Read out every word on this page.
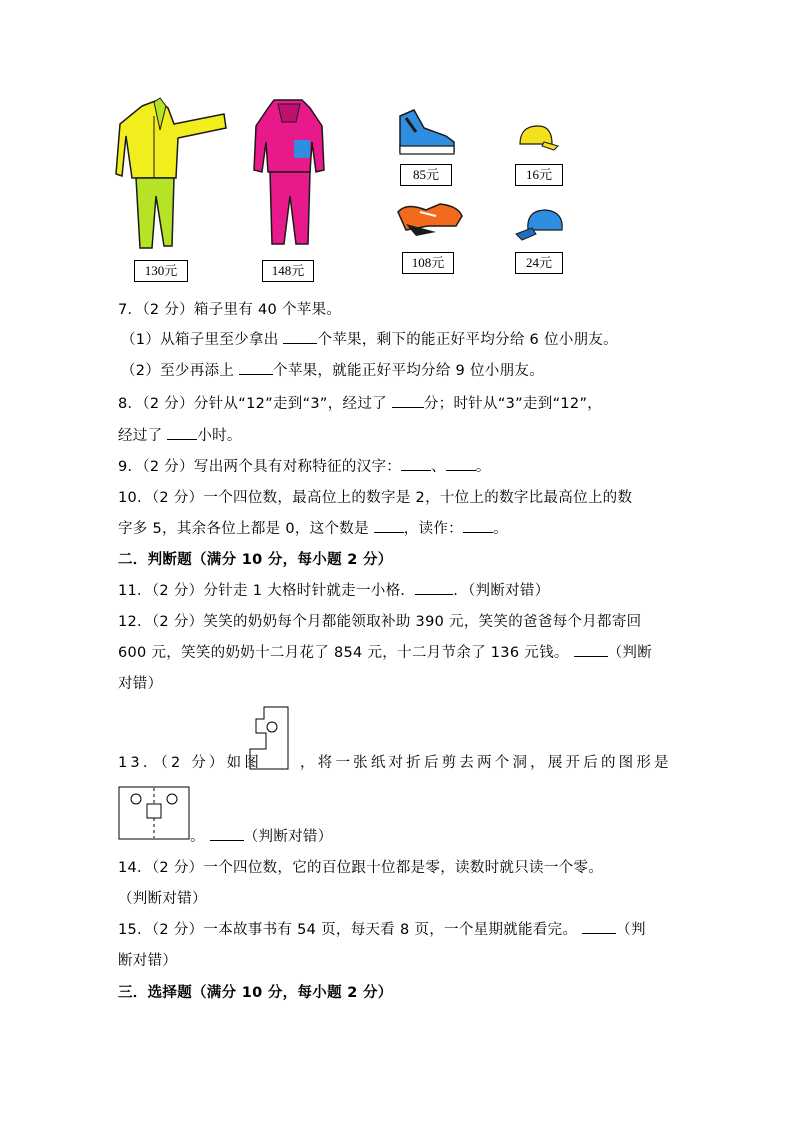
130元	148元
85元	16元
108元	24元
7．（2 分）箱子里有 40 个苹果。
（1）从箱子里至少拿出 个苹果，剩下的能正好平均分给 6 位小朋友。
（2）至少再添上 个苹果，就能正好平均分给 9 位小朋友。
8．（2 分）分针从“12”走到“3”，经过了 分；时针从“3”走到“12”，
经过了 小时。
9．（2 分）写出两个具有对称特征的汉字： 、 。
10．（2 分）一个四位数，最高位上的数字是 2，十位上的数字比最高位上的数
字多 5，其余各位上都是 0，这个数是 ，读作： 。
二．判断题（满分 10 分，每小题 2 分）
11．（2 分）分针走 1 大格时针就走一小格．	．（判断对错）
12．（2 分）笑笑的奶奶每个月都能领取补助 390 元，笑笑的爸爸每个月都寄回
600 元，笑笑的奶奶十二月花了 854 元，十二月节余了 136 元钱。 （判断
对错）
13．（2 分）如图	，将一张纸对折后剪去两个洞，展开后的图形是
。 （判断对错）
14．（2 分）一个四位数，它的百位跟十位都是零，读数时就只读一个零。
（判断对错）
15．（2 分）一本故事书有 54 页，每天看 8 页，一个星期就能看完。 （判
断对错）
三．选择题（满分 10 分，每小题 2 分）
